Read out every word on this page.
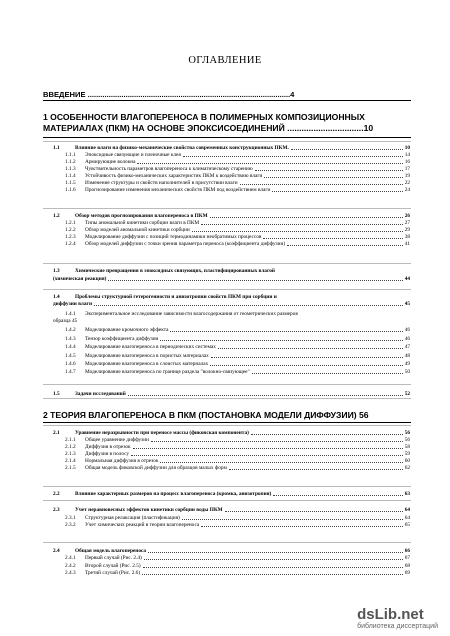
ОГЛАВЛЕНИЕ
ВВЕДЕНИЕ ................................................................................................4
1 ОСОБЕННОСТИ ВЛАГОПЕРЕНОСА В ПОЛИМЕРНЫХ КОМПОЗИЦИОННЫХ
МАТЕРИАЛАХ (ПКМ) НА ОСНОВЕ ЭПОКСИСОЕДИНЕНИЙ ................................10
2 ТЕОРИЯ ВЛАГОПЕРЕНОСА В ПКМ (ПОСТАНОВКА МОДЕЛИ ДИФФУЗИИ) 56
1.1	Влияние влаги на физико-механические свойства современных конструкционных ПКМ.	10
1.1.1 Эпоксидные связующие и пленочные клея	14
1.1.2 Армирующие волокна	16
1.1.3 Чувствительность параметров влагопереноса к климатическому старению	17
1.1.4 Устойчивость физико-механических характеристик ПКМ к воздействию влаги	19
1.1.5 Изменение структуры и свойств наполнителей в присутствии влаги	22
1.1.6 Прогнозирование изменения механических свойств ПКМ под воздействием влаги	24
1.2	Обзор методов прогнозирования влагопереноса в ПКМ	26
1.2.1 Типы аномальной кинетики сорбции влаги в ПКМ	27
1.2.2 Обзор моделей аномальной кинетики сорбции	29
1.2.3 Моделирование диффузии с позиций термодинамики необратимых процессов	38
1.2.4 Обзор моделей диффузии с точки зрения параметра переноса (коэффициента диффузии)	41
1.3	Химические превращения в эпоксидных связующих, пластифицированных влагой
(химическая реакция)	44
1.4	Проблемы структурной гетерогенности и анизотропии свойств ПКМ при сорбции и
диффузии влаги	45
1.4.1 Экспериментальное исследование зависимости влагосодержания от геометрических размеров
образца 45
1.4.2 Моделирование кромочного эффекта	46
1.4.3 Тензор коэффициента диффузии	46
1.4.4 Моделирование влагопереноса в периодических системах	47
1.4.5 Моделирование влагопереноса в пористых материалах	48
1.4.6 Моделирование влагопереноса в слоистых материалах	49
1.4.7 Моделирование влагопереноса по границе раздела "волокно-связующее"	50
1.5	Задачи исследований	52
2.1	Уравнение неразрывности при переносе массы (фиковская компонента)	56
2.1.1 Общее уравнение диффузии	56
2.1.2 Диффузия в отрезок	58
2.1.3 Диффузия в полосу	59
2.1.4 Нормальная диффузия в отрезок	60
2.1.5 Общая модель фиковской диффузии для образцов малых форм	62
2.2	Влияние характерных размеров на процесс влагопереноса (кромка, анизотропия)	63
2.3	Учет неравновесных эффектов кинетики сорбции воды ПКМ	64
2.3.1 Структурная релаксация (пластификация)	64
2.3.2 Учет химических реакций в теории влагопереноса	65
2.4	Общая модель влагопереноса	66
2.4.1 Первый случай (Рис. 2.4)	67
2.4.2 Второй случай (Рис. 2.5)	68
2.4.3 Третий случай (Рис. 2.6)	69
dsLib.net
библиотека диссертаций
